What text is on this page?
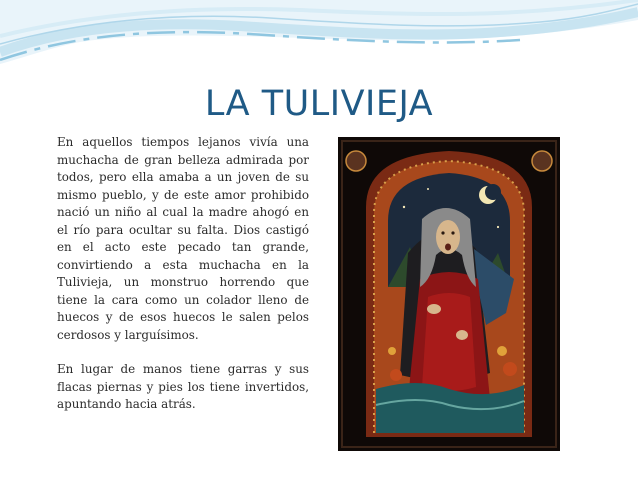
LA TULIVIEJA

En aquellos tiempos lejanos vivía una muchacha de gran belleza admirada por todos, pero ella amaba a un joven de su mismo pueblo, y de este amor prohibido nació un niño al cual la madre ahogó en el río para ocultar su falta. Dios castigó en el acto este pecado tan grande, convirtiendo a esta muchacha en la Tulivieja, un monstruo horrendo que tiene la cara como un colador lleno de huecos y de esos huecos le salen pelos cerdosos y larguísimos.

En lugar de manos tiene garras y sus flacas piernas y pies los tiene invertidos, apuntando hacia atrás.
